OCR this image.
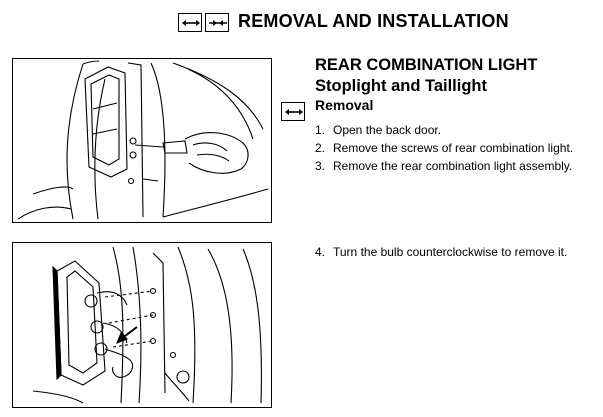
REMOVAL AND INSTALLATION
REAR COMBINATION LIGHT
Stoplight and Taillight
Removal
1. Open the back door.
2. Remove the screws of rear combination light.
3. Remove the rear combination light assembly.
4. Turn the bulb counterclockwise to remove it.
